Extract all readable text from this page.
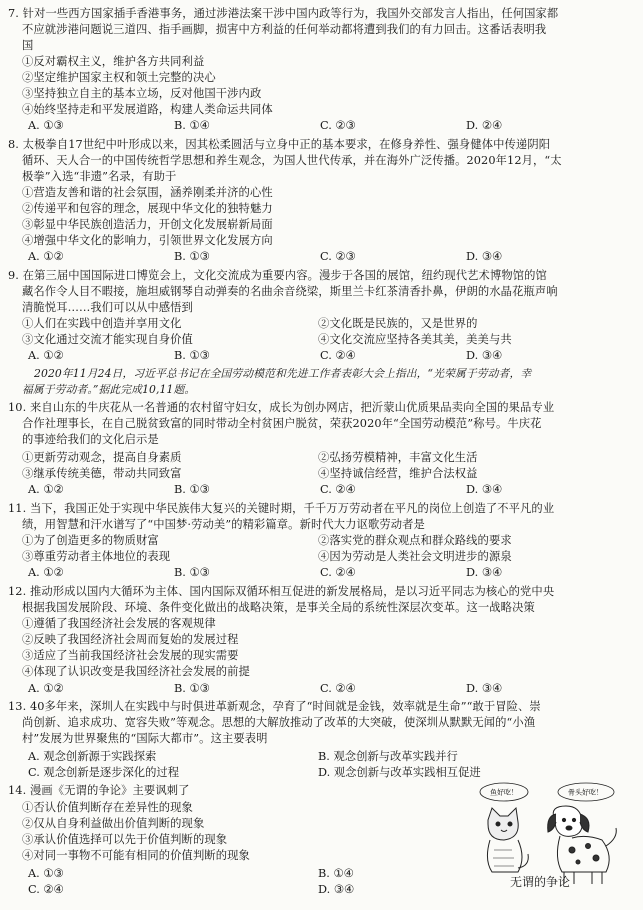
7. 针对一些西方国家插手香港事务，通过涉港法案干涉中国内政等行为，我国外交部发言人指出，任何国家都
不应就涉港问题说三道四、指手画脚，损害中方利益的任何举动都将遭到我们的有力回击。这番话表明我
国
①反对霸权主义，维护各方共同利益
②坚定维护国家主权和领土完整的决心
③坚持独立自主的基本立场，反对他国干涉内政
④始终坚持走和平发展道路，构建人类命运共同体
A. ①③	B. ①④	C. ②③	D. ②④
8. 太极拳自17世纪中叶形成以来，因其松柔圆活与立身中正的基本要求，在修身养性、强身健体中传递阴阳
循环、天人合一的中国传统哲学思想和养生观念，为国人世代传承，并在海外广泛传播。2020年12月，“太
极拳”入选“非遗”名录，有助于
①营造友善和谐的社会氛围，涵养刚柔并济的心性
②传递平和包容的理念，展现中华文化的独特魅力
③彰显中华民族创造活力，开创文化发展崭新局面
④增强中华文化的影响力，引领世界文化发展方向
A. ①②	B. ①③	C. ②③	D. ③④
9. 在第三届中国国际进口博览会上，文化交流成为重要内容。漫步于各国的展馆，纽约现代艺术博物馆的馆
藏名作令人目不暇接，施坦威钢琴自动弹奏的名曲余音绕梁，斯里兰卡红茶清香扑鼻，伊朗的水晶花瓶声响
清脆悦耳……我们可以从中感悟到
①人们在实践中创造并享用文化	②文化既是民族的，又是世界的
③文化通过交流才能实现自身价值	④文化交流应坚持各美其美，美美与共
A. ①②	B. ①③	C. ②④	D. ③④
2020年11月24日，习近平总书记在全国劳动模范和先进工作者表彰大会上指出，“光荣属于劳动者，幸
福属于劳动者。”据此完成10,11题。
10. 来自山东的牛庆花从一名普通的农村留守妇女，成长为创办网店，把沂蒙山优质果品卖向全国的果品专业
合作社理事长，在自己脱贫致富的同时带动全村贫困户脱贫，荣获2020年“全国劳动模范”称号。牛庆花
的事迹给我们的文化启示是
①更新劳动观念，提高自身素质	②弘扬劳模精神，丰富文化生活
③继承传统美德，带动共同致富	④坚持诚信经营，维护合法权益
A. ①②	B. ①③	C. ②④	D. ③④
11. 当下，我国正处于实现中华民族伟大复兴的关键时期，千千万万劳动者在平凡的岗位上创造了不平凡的业
绩，用智慧和汗水谱写了“中国梦·劳动美”的精彩篇章。新时代大力讴歌劳动者是
①为了创造更多的物质财富	②落实党的群众观点和群众路线的要求
③尊重劳动者主体地位的表现	④因为劳动是人类社会文明进步的源泉
A. ①②	B. ①③	C. ②④	D. ③④
12. 推动形成以国内大循环为主体、国内国际双循环相互促进的新发展格局，是以习近平同志为核心的党中央
根据我国发展阶段、环境、条件变化做出的战略决策，是事关全局的系统性深层次变革。这一战略决策
①遵循了我国经济社会发展的客观规律
②反映了我国经济社会周而复始的发展过程
③适应了当前我国经济社会发展的现实需要
④体现了认识改变是我国经济社会发展的前提
A. ①②	B. ①③	C. ②④	D. ③④
13. 40多年来，深圳人在实践中与时俱进革新观念，孕育了“时间就是金钱，效率就是生命”“敢于冒险、崇
尚创新、追求成功、宽容失败”等观念。思想的大解放推动了改革的大突破，使深圳从默默无闻的“小渔
村”发展为世界聚焦的“国际大都市”。这主要表明
A. 观念创新源于实践探索	B. 观念创新与改革实践并行
C. 观念创新是逐步深化的过程	D. 观念创新与改革实践相互促进
14. 漫画《无谓的争论》主要讽刺了
①否认价值判断存在差异性的现象
②仅从自身利益做出价值判断的现象
③承认价值选择可以先于价值判断的现象
④对同一事物不可能有相同的价值判断的现象
A. ①③	B. ①④
C. ②④	D. ③④
鱼好吃！	骨头好吃！
无谓的争论
